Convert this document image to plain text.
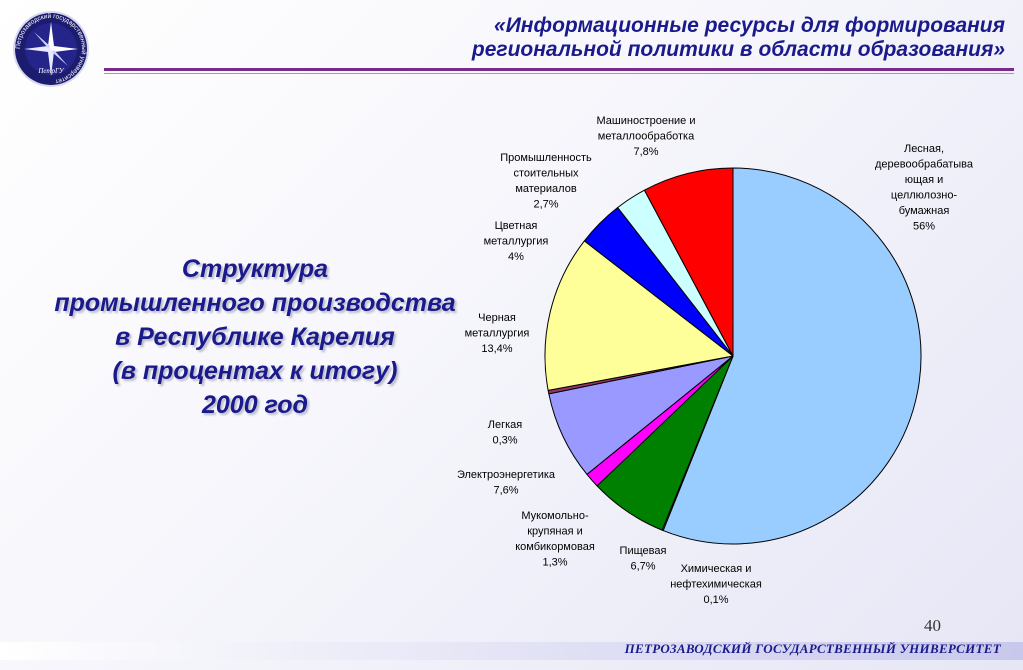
Лесная, деревообрабатыва ющая и целлюлозно-бумажная 56%
Химическая и нефтехимическая 0,1%
Пищевая 6,7%
Мукомольно-крупяная и комбикормовая 1,3%
Электроэнергетика 7,6%
Легкая 0,3%
Черная металлургия 13,4%
Цветная металлургия 4%
Промышленность стоительных материалов 2,7%
Машиностроение и металлообработка 7,8%
«Информационные ресурсы для формирования
региональной политики в области образования»
Петрозаводский государственный университет
ПетрГУ
Структура
промышленного производства
в Республике Карелия
(в процентах к итогу)
2000 год
40
ПЕТРОЗАВОДСКИЙ ГОСУДАРСТВЕННЫЙ УНИВЕРСИТЕТ
